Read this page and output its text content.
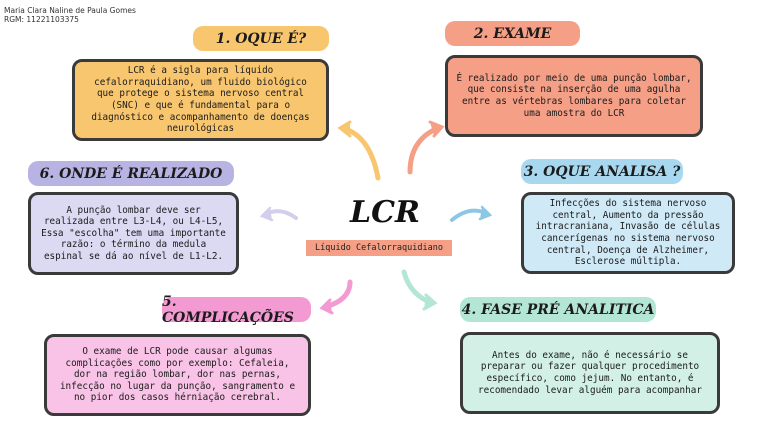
Maria Clara Naline de Paula Gomes
RGM: 11221103375
1. OQUE É?
LCR é a sigla para líquido cefalorraquidiano, um fluido biológico que protege o sistema nervoso central (SNC) e que é fundamental para o diagnóstico e acompanhamento de doenças neurológicas
2. EXAME
É realizado por meio de uma punção lombar, que consiste na inserção de uma agulha entre as vértebras lombares para coletar uma amostra do LCR
3. OQUE ANALISA ?
Infecções do sistema nervoso central, Aumento da pressão intracraniana, Invasão de células cancerígenas no sistema nervoso central, Doença de Alzheimer, Esclerose múltipla.
4. FASE PRÉ ANALITICA
Antes do exame, não é necessário se preparar ou fazer qualquer procedimento específico, como jejum. No entanto, é recomendado levar alguém para acompanhar
5. COMPLICAÇÕES
O exame de LCR pode causar algumas complicações como por exemplo: Cefaleia, dor na região lombar, dor nas pernas, infecção no lugar da punção, sangramento e no pior dos casos hérniação cerebral.
6. ONDE É REALIZADO
A punção lombar deve ser realizada entre L3-L4, ou L4-L5, Essa "escolha" tem uma importante razão: o término da medula espinal se dá ao nível de L1-L2.
LCR
Líquido Cefalorraquidiano
